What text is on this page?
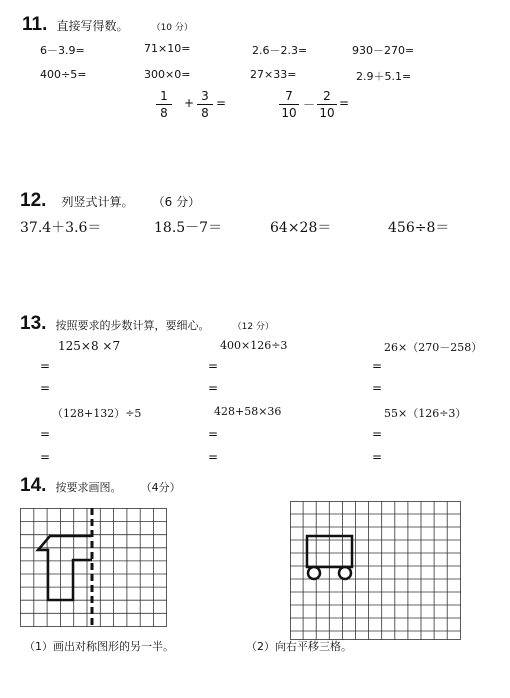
11. 直接写得数。	（10 分）
6－3.9=	71×10=	2.6－2.3=	930－270=
400÷5=	300×0=	27×33=	2.9＋5.1=
1
8
+ 3
8
=	7
10
－
2
10
=
12. 列竖式计算。 （6 分）
37.4＋3.6＝	18.5－7＝	64×28＝	456÷8＝
13. 按照要求的步数计算，要细心。	（12 分）
125×8 ×7	400×126÷3	26×（270－258）
=	=	=
=	=	=
（128+132）÷5	428+58×36	55×（126÷3）
=	=	=
=	=	=
14. 按要求画图。 （4分）
（1）画出对称图形的另一半。	（2）向右平移三格。
